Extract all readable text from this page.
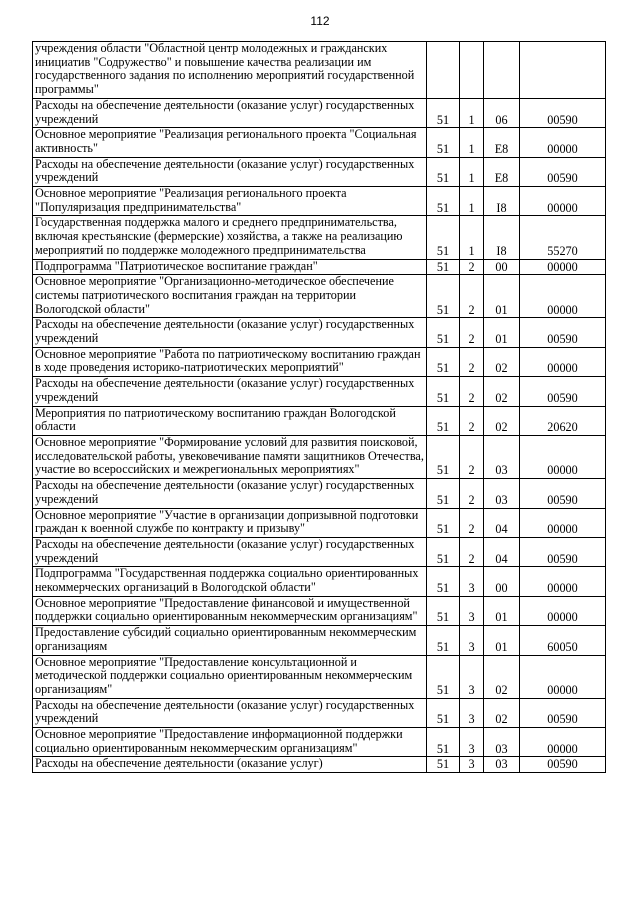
112
учреждения области "Областной центр молодежных и гражданских инициатив "Содружество" и повышение качества реализации им государственного задания по исполнению мероприятий государственной программы"				
Расходы на обеспечение деятельности (оказание услуг) государственных учреждений	51	1	06	00590
Основное мероприятие "Реализация регионального проекта "Социальная активность"	51	1	E8	00000
Расходы на обеспечение деятельности (оказание услуг) государственных учреждений	51	1	E8	00590
Основное мероприятие "Реализация регионального проекта "Популяризация предпринимательства"	51	1	I8	00000
Государственная поддержка малого и среднего предпринимательства, включая крестьянские (фермерские) хозяйства, а также на реализацию мероприятий по поддержке молодежного предпринимательства	51	1	I8	55270
Подпрограмма "Патриотическое воспитание граждан"	51	2	00	00000
Основное мероприятие "Организационно-методическое обеспечение системы патриотического воспитания граждан на территории Вологодской области"	51	2	01	00000
Расходы на обеспечение деятельности (оказание услуг) государственных учреждений	51	2	01	00590
Основное мероприятие "Работа по патриотическому воспитанию граждан в ходе проведения историко-патриотических мероприятий"	51	2	02	00000
Расходы на обеспечение деятельности (оказание услуг) государственных учреждений	51	2	02	00590
Мероприятия по патриотическому воспитанию граждан Вологодской области	51	2	02	20620
Основное мероприятие "Формирование условий для развития поисковой, исследовательской работы, увековечивание памяти защитников Отечества, участие во всероссийских и межрегиональных мероприятиях"	51	2	03	00000
Расходы на обеспечение деятельности (оказание услуг) государственных учреждений	51	2	03	00590
Основное мероприятие "Участие в организации допризывной подготовки граждан к военной службе по контракту и призыву"	51	2	04	00000
Расходы на обеспечение деятельности (оказание услуг) государственных учреждений	51	2	04	00590
Подпрограмма "Государственная поддержка социально ориентированных некоммерческих организаций в Вологодской области"	51	3	00	00000
Основное мероприятие "Предоставление финансовой и имущественной поддержки социально ориентированным некоммерческим организациям"	51	3	01	00000
Предоставление субсидий социально ориентированным некоммерческим организациям	51	3	01	60050
Основное мероприятие "Предоставление консультационной и методической поддержки социально ориентированным некоммерческим организациям"	51	3	02	00000
Расходы на обеспечение деятельности (оказание услуг) государственных учреждений	51	3	02	00590
Основное мероприятие "Предоставление информационной поддержки социально ориентированным некоммерческим организациям"	51	3	03	00000
Расходы на обеспечение деятельности (оказание услуг)	51	3	03	00590
